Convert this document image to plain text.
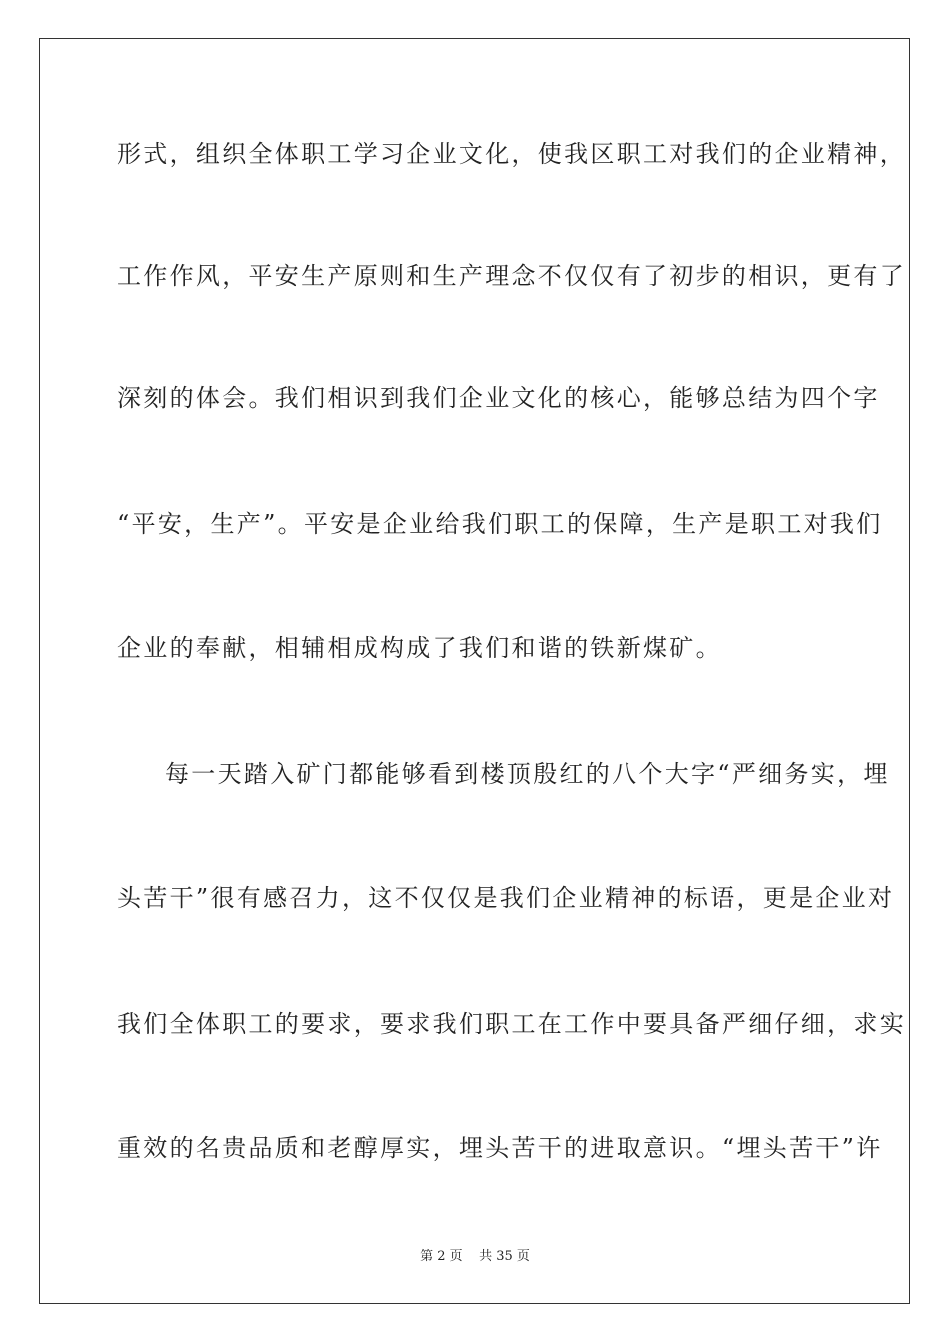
形式，组织全体职工学习企业文化，使我区职工对我们的企业精神，
工作作风，平安生产原则和生产理念不仅仅有了初步的相识，更有了
深刻的体会。我们相识到我们企业文化的核心，能够总结为四个字
“平安，生产”。平安是企业给我们职工的保障，生产是职工对我们
企业的奉献，相辅相成构成了我们和谐的铁新煤矿。
每一天踏入矿门都能够看到楼顶殷红的八个大字“严细务实，埋
头苦干”很有感召力，这不仅仅是我们企业精神的标语，更是企业对
我们全体职工的要求，要求我们职工在工作中要具备严细仔细，求实
重效的名贵品质和老醇厚实，埋头苦干的进取意识。“埋头苦干”许
第 2 页    共 35 页
